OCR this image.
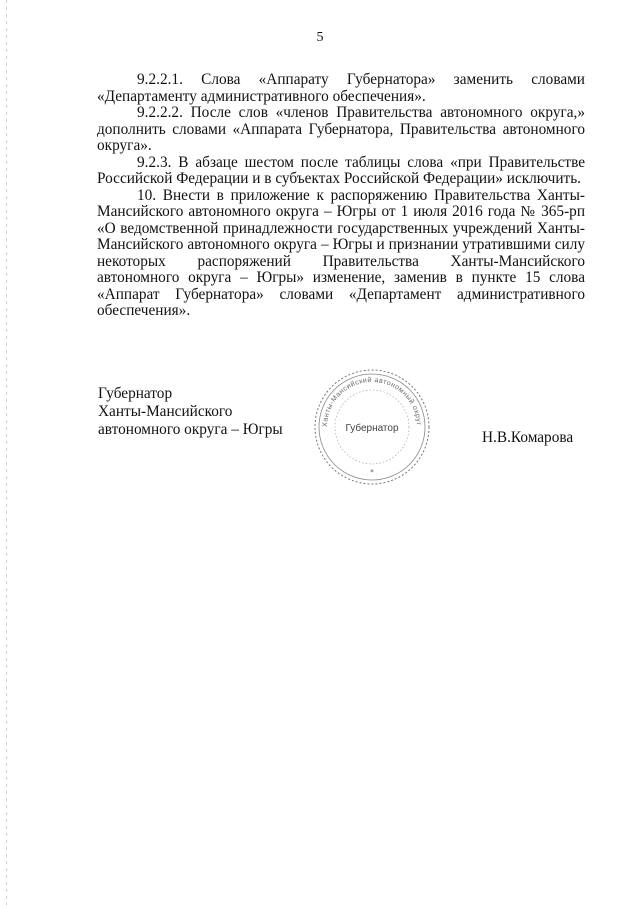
5

9.2.2.1. Слова «Аппарату Губернатора» заменить словами «Департаменту административного обеспечения».

9.2.2.2. После слов «членов Правительства автономного округа,» дополнить словами «Аппарата Губернатора, Правительства автономного округа».

9.2.3. В абзаце шестом после таблицы слова «при Правительстве Российской Федерации и в субъектах Российской Федерации» исключить.

10. Внести в приложение к распоряжению Правительства Ханты-Мансийского автономного округа – Югры от 1 июля 2016 года № 365-рп «О ведомственной принадлежности государственных учреждений Ханты-Мансийского автономного округа – Югры и признании утратившими силу некоторых распоряжений Правительства Ханты-Мансийского автономного округа – Югры» изменение, заменив в пункте 15 слова «Аппарат Губернатора» словами «Департамент административного обеспечения».

Губернатор
Ханты-Мансийского
автономного округа – Югры	Ханты-Мансийский автономный округ
Губернатор
✶
Н.В.Комарова
